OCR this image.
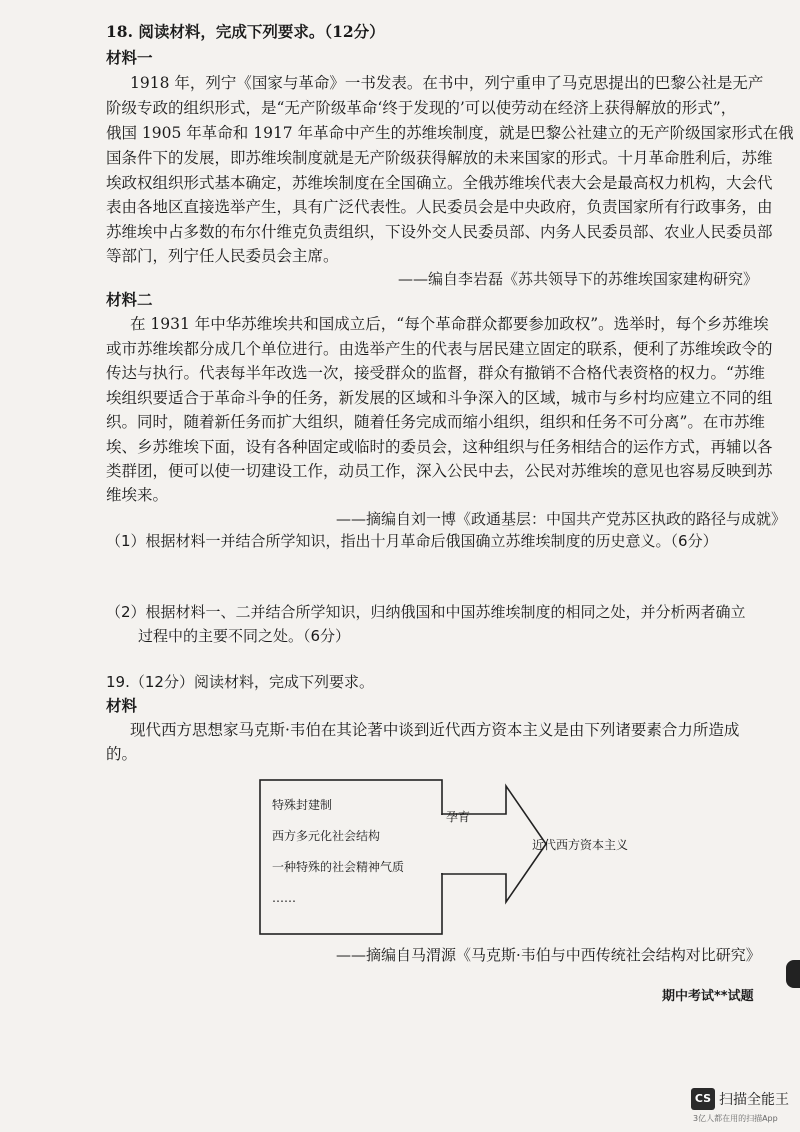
18. 阅读材料，完成下列要求。（12分）
材料一
1918 年，列宁《国家与革命》一书发表。在书中，列宁重申了马克思提出的巴黎公社是无产
阶级专政的组织形式，是“无产阶级革命‘终于发现的’可以使劳动在经济上获得解放的形式”，
俄国 1905 年革命和 1917 年革命中产生的苏维埃制度，就是巴黎公社建立的无产阶级国家形式在俄
国条件下的发展，即苏维埃制度就是无产阶级获得解放的未来国家的形式。十月革命胜利后，苏维
埃政权组织形式基本确定，苏维埃制度在全国确立。全俄苏维埃代表大会是最高权力机构，大会代
表由各地区直接选举产生，具有广泛代表性。人民委员会是中央政府，负责国家所有行政事务，由
苏维埃中占多数的布尔什维克负责组织，下设外交人民委员部、内务人民委员部、农业人民委员部
等部门，列宁任人民委员会主席。
——编自李岩磊《苏共领导下的苏维埃国家建构研究》
材料二
在 1931 年中华苏维埃共和国成立后，“每个革命群众都要参加政权”。选举时，每个乡苏维埃
或市苏维埃都分成几个单位进行。由选举产生的代表与居民建立固定的联系，便利了苏维埃政令的
传达与执行。代表每半年改选一次，接受群众的监督，群众有撤销不合格代表资格的权力。“苏维
埃组织要适合于革命斗争的任务，新发展的区域和斗争深入的区域，城市与乡村均应建立不同的组
织。同时，随着新任务而扩大组织，随着任务完成而缩小组织，组织和任务不可分离”。在市苏维
埃、乡苏维埃下面，设有各种固定或临时的委员会，这种组织与任务相结合的运作方式，再辅以各
类群团，便可以使一切建设工作，动员工作，深入公民中去，公民对苏维埃的意见也容易反映到苏
维埃来。
——摘编自刘一博《政通基层：中国共产党苏区执政的路径与成就》
（1）根据材料一并结合所学知识，指出十月革命后俄国确立苏维埃制度的历史意义。（6分）
（2）根据材料一、二并结合所学知识，归纳俄国和中国苏维埃制度的相同之处，并分析两者确立
过程中的主要不同之处。（6分）
19.（12分）阅读材料，完成下列要求。
材料
现代西方思想家马克斯·韦伯在其论著中谈到近代西方资本主义是由下列诸要素合力所造成
的。
特殊封建制
西方多元化社会结构
一种特殊的社会精神气质
……
孕育
近代西方资本主义
——摘编自马渭源《马克斯·韦伯与中西传统社会结构对比研究》
期中考试**试题
CS 扫描全能王
3亿人都在用的扫描App
